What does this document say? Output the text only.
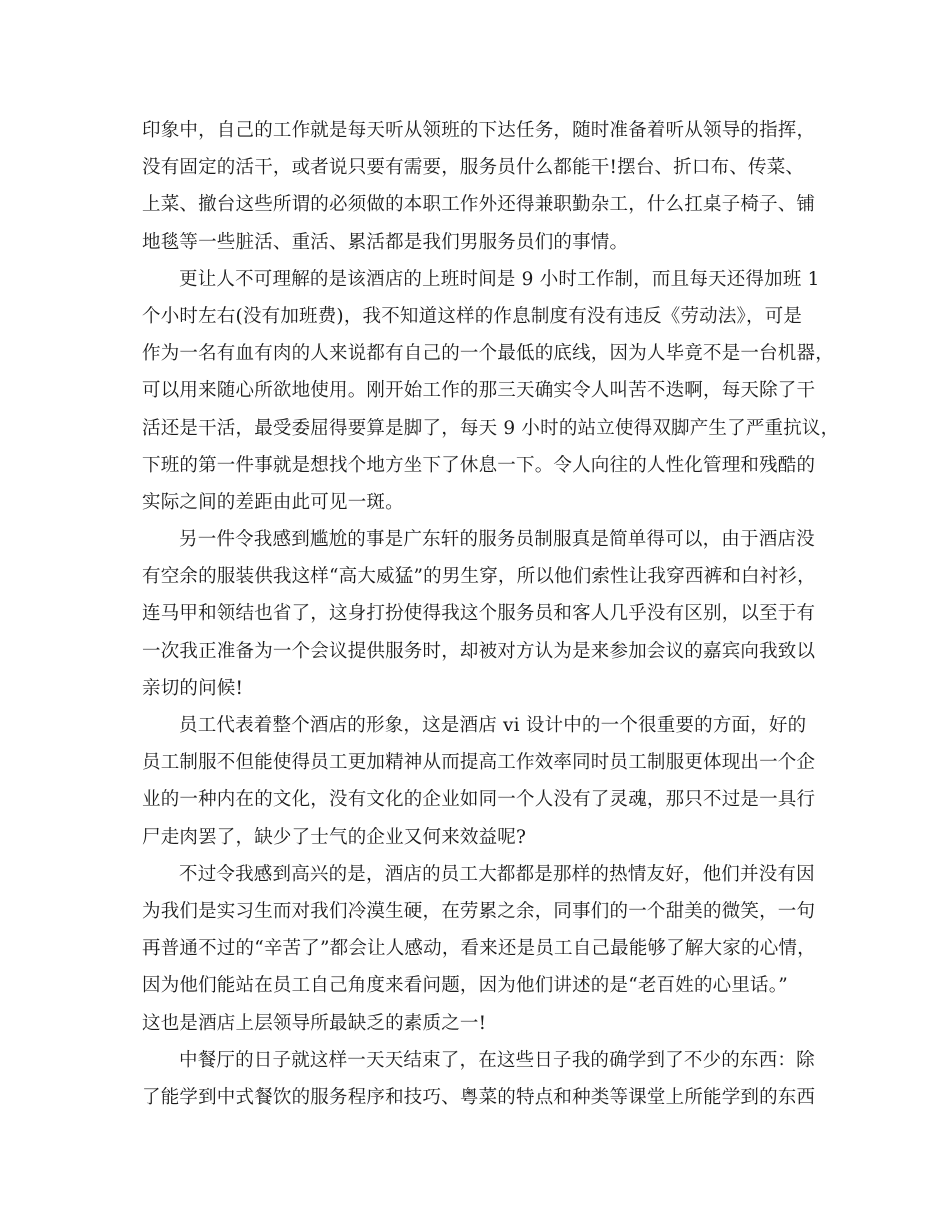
印象中，自己的工作就是每天听从领班的下达任务，随时准备着听从领导的指挥，
没有固定的活干，或者说只要有需要，服务员什么都能干!摆台、折口布、传菜、
上菜、撤台这些所谓的必须做的本职工作外还得兼职勤杂工，什么扛桌子椅子、铺
地毯等一些脏活、重活、累活都是我们男服务员们的事情。
更让人不可理解的是该酒店的上班时间是 9 小时工作制，而且每天还得加班 1
个小时左右(没有加班费)，我不知道这样的作息制度有没有违反《劳动法》，可是
作为一名有血有肉的人来说都有自己的一个最低的底线，因为人毕竟不是一台机器，
可以用来随心所欲地使用。刚开始工作的那三天确实令人叫苦不迭啊，每天除了干
活还是干活，最受委屈得要算是脚了，每天 9 小时的站立使得双脚产生了严重抗议，
下班的第一件事就是想找个地方坐下了休息一下。令人向往的人性化管理和残酷的
实际之间的差距由此可见一斑。
另一件令我感到尴尬的事是广东轩的服务员制服真是简单得可以，由于酒店没
有空余的服装供我这样“高大威猛”的男生穿，所以他们索性让我穿西裤和白衬衫，
连马甲和领结也省了，这身打扮使得我这个服务员和客人几乎没有区别，以至于有
一次我正准备为一个会议提供服务时，却被对方认为是来参加会议的嘉宾向我致以
亲切的问候!
员工代表着整个酒店的形象，这是酒店 vi 设计中的一个很重要的方面，好的
员工制服不但能使得员工更加精神从而提高工作效率同时员工制服更体现出一个企
业的一种内在的文化，没有文化的企业如同一个人没有了灵魂，那只不过是一具行
尸走肉罢了，缺少了士气的企业又何来效益呢?
不过令我感到高兴的是，酒店的员工大都都是那样的热情友好，他们并没有因
为我们是实习生而对我们冷漠生硬，在劳累之余，同事们的一个甜美的微笑，一句
再普通不过的“辛苦了”都会让人感动，看来还是员工自己最能够了解大家的心情，
因为他们能站在员工自己角度来看问题，因为他们讲述的是“老百姓的心里话。”
这也是酒店上层领导所最缺乏的素质之一!
中餐厅的日子就这样一天天结束了，在这些日子我的确学到了不少的东西：除
了能学到中式餐饮的服务程序和技巧、粤菜的特点和种类等课堂上所能学到的东西
